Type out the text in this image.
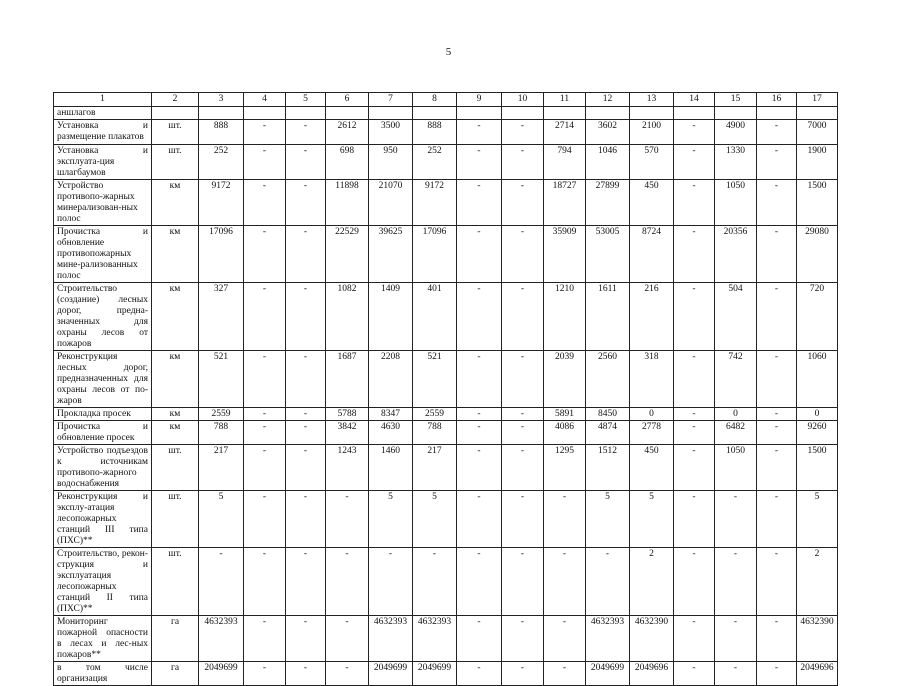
5
1	2	3	4	5	6	7	8	9	10	11	12	13	14	15	16	17
аншлагов																
Установка и размещение плакатов	шт.	888	-	-	2612	3500	888	-	-	2714	3602	2100	-	4900	-	7000
Установка и эксплуата-ция шлагбаумов	шт.	252	-	-	698	950	252	-	-	794	1046	570	-	1330	-	1900
Устройство противопо-жарных минерализован-ных полос	км	9172	-	-	11898	21070	9172	-	-	18727	27899	450	-	1050	-	1500
Прочистка и обновление противопожарных мине-рализованных полос	км	17096	-	-	22529	39625	17096	-	-	35909	53005	8724	-	20356	-	29080
Строительство (создание) лесных дорог, предна-значенных для охраны лесов от пожаров	км	327	-	-	1082	1409	401	-	-	1210	1611	216	-	504	-	720
Реконструкция лесных дорог, предназначенных для охраны лесов от по-жаров	км	521	-	-	1687	2208	521	-	-	2039	2560	318	-	742	-	1060
Прокладка просек	км	2559	-	-	5788	8347	2559	-	-	5891	8450	0	-	0	-	0
Прочистка и обновление просек	км	788	-	-	3842	4630	788	-	-	4086	4874	2778	-	6482	-	9260
Устройство подъездов к источникам противопо-жарного водоснабжения	шт.	217	-	-	1243	1460	217	-	-	1295	1512	450	-	1050	-	1500
Реконструкция и эксплу-атация лесопожарных станций III типа (ПХС)**	шт.	5	-	-	-	5	5	-	-	-	5	5	-	-	-	5
Строительство, рекон-струкция и эксплуатация лесопожарных станций II типа (ПХС)**	шт.	-	-	-	-	-	-	-	-	-	-	2	-	-	-	2
Мониторинг пожарной опасности в лесах и лес-ных пожаров**	га	4632393	-	-	-	4632393	4632393	-	-	-	4632393	4632390	-	-	-	4632390
в том числе организация	га	2049699	-	-	-	2049699	2049699	-	-	-	2049699	2049696	-	-	-	2049696
